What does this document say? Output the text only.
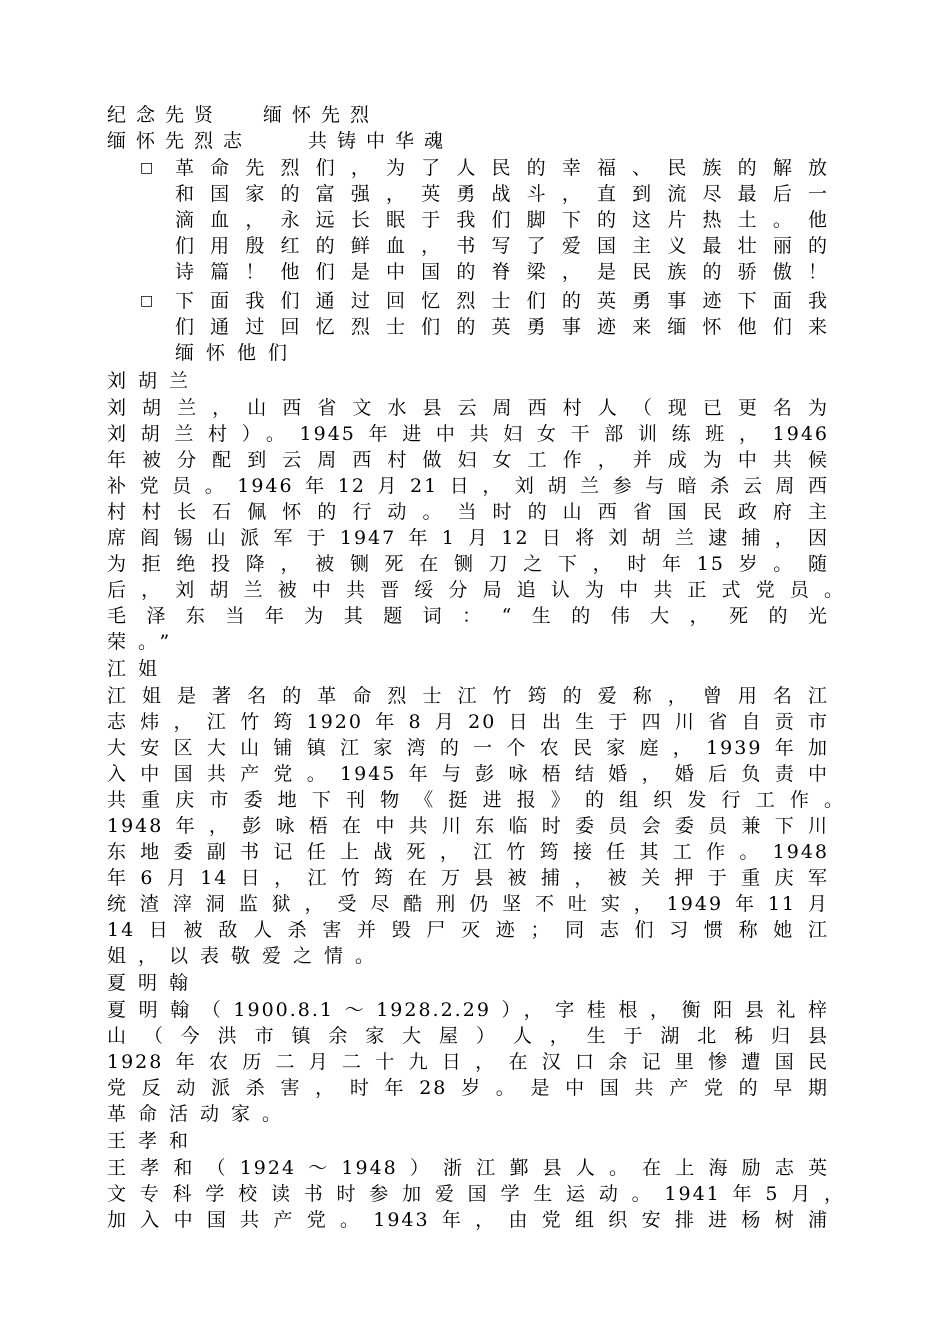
纪念先贤 缅怀先烈
缅怀先烈志	共铸中华魂
□ 革命先烈们，为了人民的幸福、民族的解放
和国家的富强，英勇战斗，直到流尽最后一
滴血，永远长眠于我们脚下的这片热土。他
们用殷红的鲜血，书写了爱国主义最壮丽的
诗篇！他们是中国的脊梁，是民族的骄傲！
□ 下面我们通过回忆烈士们的英勇事迹下面我
们通过回忆烈士们的英勇事迹来缅怀他们来
缅怀他们
刘胡兰
刘胡兰，山西省文水县云周西村人（现已更名为
刘胡兰村）。1945年进中共妇女干部训练班，1946
年被分配到云周西村做妇女工作，并成为中共候
补党员。1946年12月21日，刘胡兰参与暗杀云周西
村村长石佩怀的行动。当时的山西省国民政府主
席阎锡山派军于1947年1月12日将刘胡兰逮捕，因
为拒绝投降，被铡死在铡刀之下，时年15岁。随
后，刘胡兰被中共晋绥分局追认为中共正式党员。
毛泽东当年为其题词：“生的伟大，死的光
荣。”
江姐
江姐是著名的革命烈士江竹筠的爱称，曾用名江
志炜，江竹筠1920年8月20日出生于四川省自贡市
大安区大山铺镇江家湾的一个农民家庭，1939年加
入中国共产党。1945年与彭咏梧结婚，婚后负责中
共重庆市委地下刊物《挺进报》的组织发行工作。
1948年，彭咏梧在中共川东临时委员会委员兼下川
东地委副书记任上战死，江竹筠接任其工作。1948
年6月14日，江竹筠在万县被捕，被关押于重庆军
统渣滓洞监狱，受尽酷刑仍坚不吐实，1949年11月
14日被敌人杀害并毁尸灭迹；同志们习惯称她江
姐，以表敬爱之情。
夏明翰
夏明翰（1900.8.1～1928.2.29），字桂根，衡阳县礼梓
山（今洪市镇余家大屋）人，生于湖北秭归县
1928年农历二月二十九日，在汉口余记里惨遭国民
党反动派杀害，时年28岁。是中国共产党的早期
革命活动家。
王孝和
王孝和（1924～1948）浙江鄞县人。在上海励志英
文专科学校读书时参加爱国学生运动。1941年5月，
加入中国共产党。1943年，由党组织安排进杨树浦
